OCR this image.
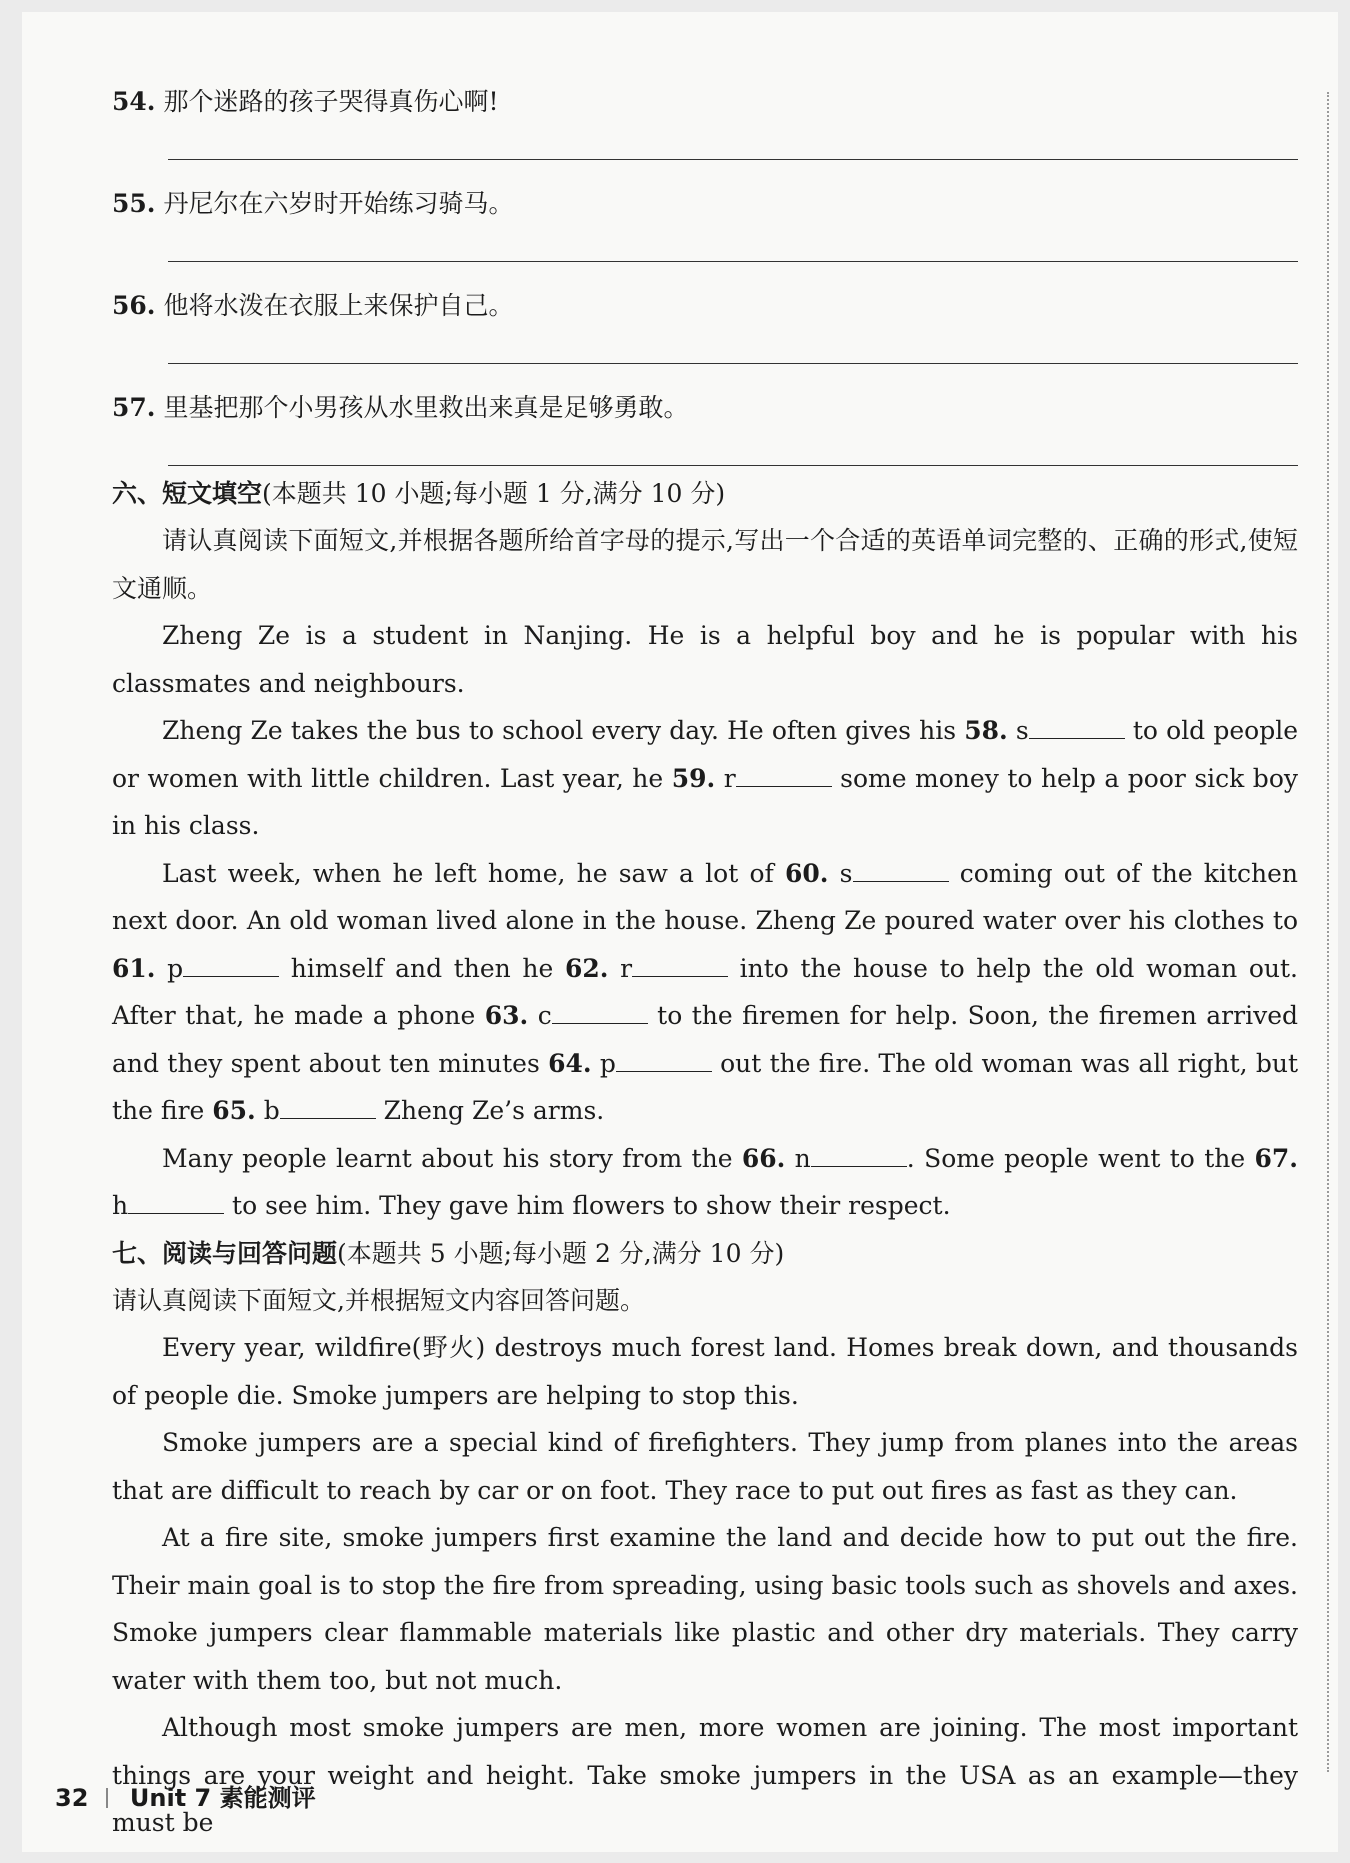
54. 那个迷路的孩子哭得真伤心啊!

55. 丹尼尔在六岁时开始练习骑马。

56. 他将水泼在衣服上来保护自己。

57. 里基把那个小男孩从水里救出来真是足够勇敢。

六、短文填空(本题共 10 小题;每小题 1 分,满分 10 分)

请认真阅读下面短文,并根据各题所给首字母的提示,写出一个合适的英语单词完整的、正确的形式,使短文通顺。

Zheng Ze is a student in Nanjing. He is a helpful boy and he is popular with his classmates and neighbours.

Zheng Ze takes the bus to school every day. He often gives his 58. s	to old people or women with little children. Last year, he 59. r	some money to help a poor sick boy in his class.

Last week, when he left home, he saw a lot of 60. s	coming out of the kitchen next door. An old woman lived alone in the house. Zheng Ze poured water over his clothes to 61. p	himself and then he 62. r	into the house to help the old woman out. After that, he made a phone 63. c	to the firemen for help. Soon, the firemen arrived and they spent about ten minutes 64. p	out the fire. The old woman was all right, but the fire 65. b	Zheng Ze’s arms.

Many people learnt about his story from the 66. n	. Some people went to the 67. h	to see him. They gave him flowers to show their respect.

七、阅读与回答问题(本题共 5 小题;每小题 2 分,满分 10 分)

请认真阅读下面短文,并根据短文内容回答问题。

Every year, wildfire(野火) destroys much forest land. Homes break down, and thousands of people die. Smoke jumpers are helping to stop this.

Smoke jumpers are a special kind of firefighters. They jump from planes into the areas that are difficult to reach by car or on foot. They race to put out fires as fast as they can.

At a fire site, smoke jumpers first examine the land and decide how to put out the fire. Their main goal is to stop the fire from spreading, using basic tools such as shovels and axes. Smoke jumpers clear flammable materials like plastic and other dry materials. They carry water with them too, but not much.

Although most smoke jumpers are men, more women are joining. The most important things are your weight and height. Take smoke jumpers in the USA as an example—they must be

32 Unit 7 素能测评
